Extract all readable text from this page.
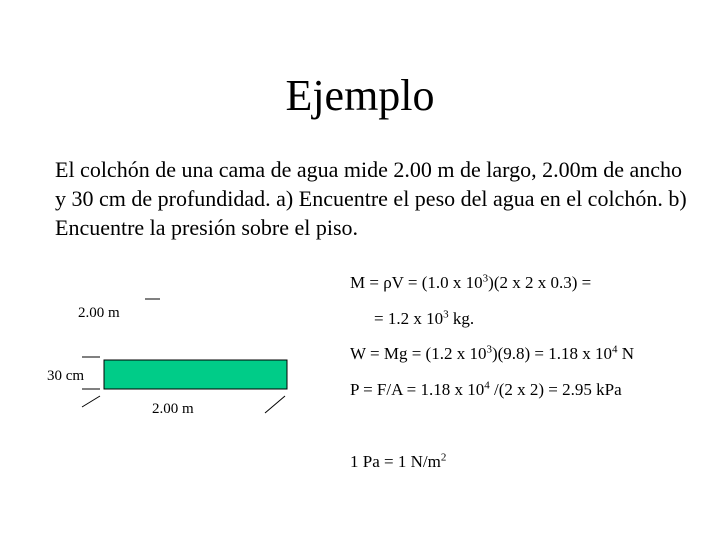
Ejemplo
El colchón de una cama de agua mide 2.00 m de largo, 2.00m de ancho y 30 cm de profundidad. a) Encuentre el peso del agua en el colchón. b) Encuentre la presión sobre el piso.
2.00 m
30 cm
2.00 m
M = ρV = (1.0 x $10^3)(2$ x 2 x 0.3) =
= 1.2 x $10^3$ kg.
W = Mg = (1.2 x $10^3)(9.8) = 1.18$ x $10^4$ N
P = F/A = 1.18 x $10^4$ /(2 x 2) = 2.95 kPa
1 Pa = 1 $N/m^2$
